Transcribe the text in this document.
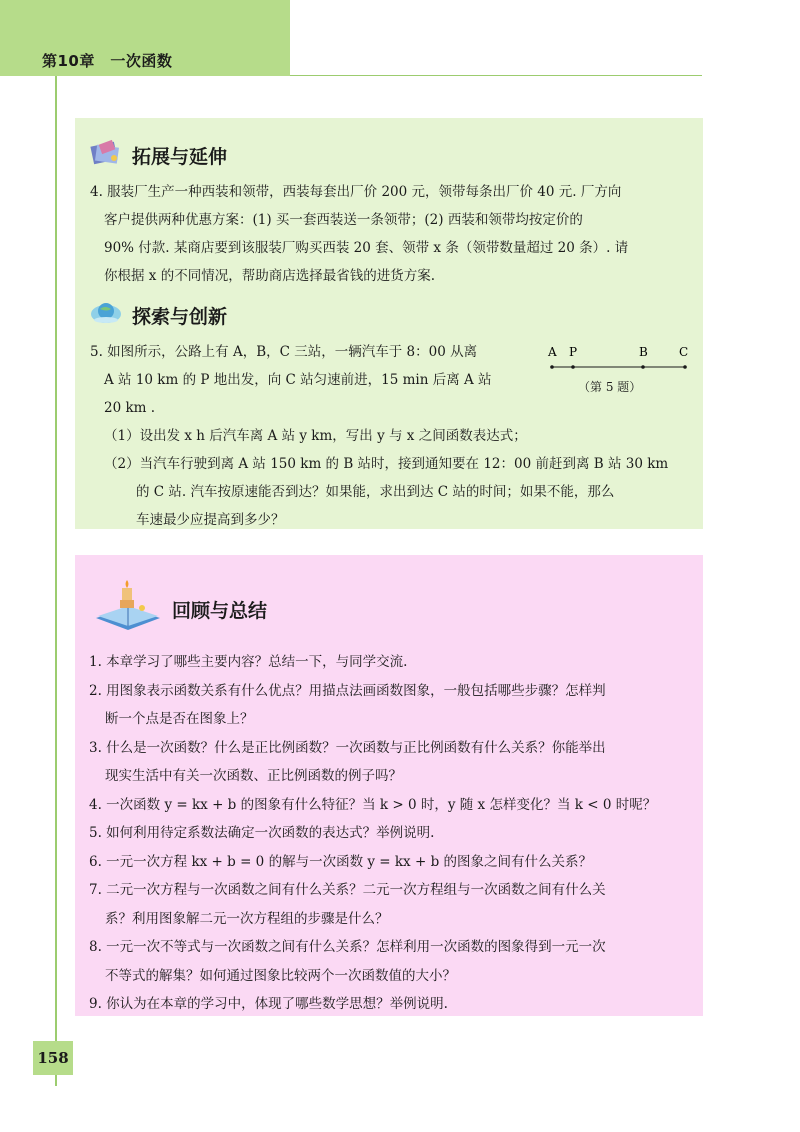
第10章　一次函数
拓展与延伸
4. 服装厂生产一种西装和领带，西装每套出厂价 200 元，领带每条出厂价 40 元. 厂方向
客户提供两种优惠方案：(1) 买一套西装送一条领带；(2) 西装和领带均按定价的
90% 付款. 某商店要到该服装厂购买西装 20 套、领带 x 条（领带数量超过 20 条）. 请
你根据 x 的不同情况，帮助商店选择最省钱的进货方案.
探索与创新
5. 如图所示，公路上有 A，B，C 三站，一辆汽车于 8：00 从离
A 站 10 km 的 P 地出发，向 C 站匀速前进，15 min 后离 A 站
20 km .
A P	B	C
（第 5 题）
（1）设出发 x h 后汽车离 A 站 y km，写出 y 与 x 之间函数表达式；
（2）当汽车行驶到离 A 站 150 km 的 B 站时，接到通知要在 12：00 前赶到离 B 站 30 km
的 C 站. 汽车按原速能否到达？如果能，求出到达 C 站的时间；如果不能，那么
车速最少应提高到多少？
回顾与总结
1. 本章学习了哪些主要内容？总结一下，与同学交流.
2. 用图象表示函数关系有什么优点？用描点法画函数图象，一般包括哪些步骤？怎样判
断一个点是否在图象上？
3. 什么是一次函数？什么是正比例函数？一次函数与正比例函数有什么关系？你能举出
现实生活中有关一次函数、正比例函数的例子吗？
4. 一次函数 y = kx + b 的图象有什么特征？当 k > 0 时，y 随 x 怎样变化？当 k < 0 时呢？
5. 如何利用待定系数法确定一次函数的表达式？举例说明.
6. 一元一次方程 kx + b = 0 的解与一次函数 y = kx + b 的图象之间有什么关系？
7. 二元一次方程与一次函数之间有什么关系？二元一次方程组与一次函数之间有什么关
系？利用图象解二元一次方程组的步骤是什么？
8. 一元一次不等式与一次函数之间有什么关系？怎样利用一次函数的图象得到一元一次
不等式的解集？如何通过图象比较两个一次函数值的大小？
9. 你认为在本章的学习中，体现了哪些数学思想？举例说明.
158
